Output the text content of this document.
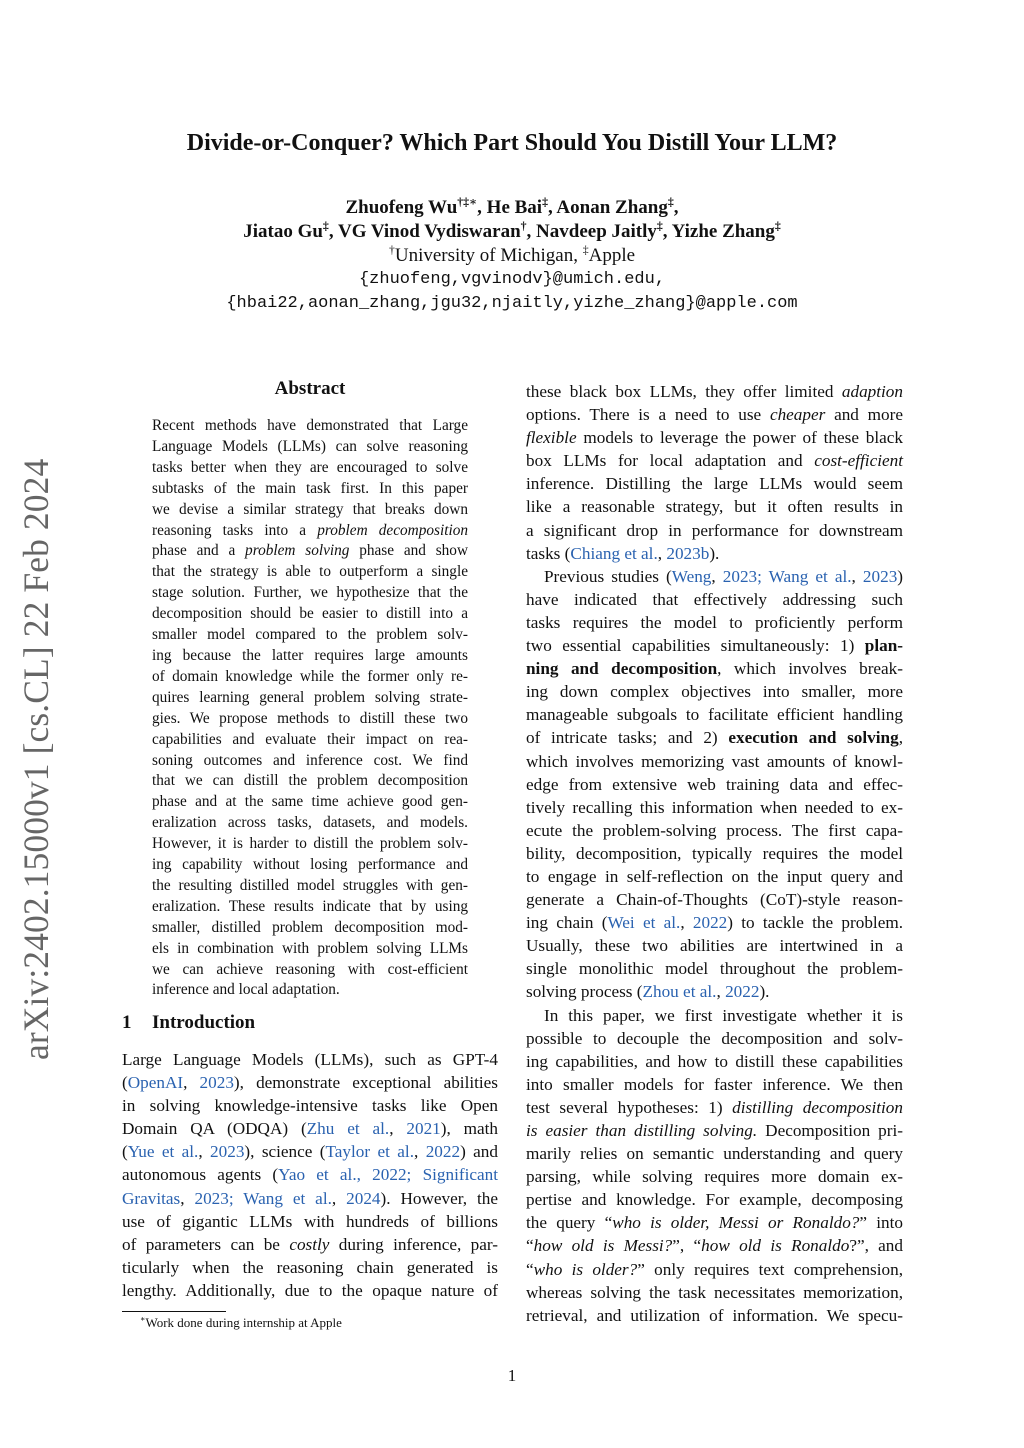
arXiv:2402.15000v1 [cs.CL] 22 Feb 2024
Divide-or-Conquer? Which Part Should You Distill Your LLM?
Zhuofeng Wu†‡∗, He Bai‡, Aonan Zhang‡,
Jiatao Gu‡, VG Vinod Vydiswaran†, Navdeep Jaitly‡, Yizhe Zhang‡
†University of Michigan, ‡Apple
{zhuofeng,vgvinodv}@umich.edu,
{hbai22,aonan_zhang,jgu32,njaitly,yizhe_zhang}@apple.com
Abstract
Recent methods have demonstrated that Large
Language Models (LLMs) can solve reasoning
tasks better when they are encouraged to solve
subtasks of the main task first. In this paper
we devise a similar strategy that breaks down
reasoning tasks into a problem decomposition
phase and a problem solving phase and show
that the strategy is able to outperform a single
stage solution. Further, we hypothesize that the
decomposition should be easier to distill into a
smaller model compared to the problem solv-
ing because the latter requires large amounts
of domain knowledge while the former only re-
quires learning general problem solving strate-
gies. We propose methods to distill these two
capabilities and evaluate their impact on rea-
soning outcomes and inference cost. We find
that we can distill the problem decomposition
phase and at the same time achieve good gen-
eralization across tasks, datasets, and models.
However, it is harder to distill the problem solv-
ing capability without losing performance and
the resulting distilled model struggles with gen-
eralization. These results indicate that by using
smaller, distilled problem decomposition mod-
els in combination with problem solving LLMs
we can achieve reasoning with cost-efficient
inference and local adaptation.
1 Introduction
Large Language Models (LLMs), such as GPT-4
(OpenAI, 2023), demonstrate exceptional abilities
in solving knowledge-intensive tasks like Open
Domain QA (ODQA) (Zhu et al., 2021), math
(Yue et al., 2023), science (Taylor et al., 2022) and
autonomous agents (Yao et al., 2022; Significant
Gravitas, 2023; Wang et al., 2024). However, the
use of gigantic LLMs with hundreds of billions
of parameters can be costly during inference, par-
ticularly when the reasoning chain generated is
lengthy. Additionally, due to the opaque nature of
these black box LLMs, they offer limited adaption
options. There is a need to use cheaper and more
flexible models to leverage the power of these black
box LLMs for local adaptation and cost-efficient
inference. Distilling the large LLMs would seem
like a reasonable strategy, but it often results in
a significant drop in performance for downstream
tasks (Chiang et al., 2023b).
Previous studies (Weng, 2023; Wang et al., 2023)
have indicated that effectively addressing such
tasks requires the model to proficiently perform
two essential capabilities simultaneously: 1) plan-
ning and decomposition, which involves break-
ing down complex objectives into smaller, more
manageable subgoals to facilitate efficient handling
of intricate tasks; and 2) execution and solving,
which involves memorizing vast amounts of knowl-
edge from extensive web training data and effec-
tively recalling this information when needed to ex-
ecute the problem-solving process. The first capa-
bility, decomposition, typically requires the model
to engage in self-reflection on the input query and
generate a Chain-of-Thoughts (CoT)-style reason-
ing chain (Wei et al., 2022) to tackle the problem.
Usually, these two abilities are intertwined in a
single monolithic model throughout the problem-
solving process (Zhou et al., 2022).
In this paper, we first investigate whether it is
possible to decouple the decomposition and solv-
ing capabilities, and how to distill these capabilities
into smaller models for faster inference. We then
test several hypotheses: 1) distilling decomposition
is easier than distilling solving. Decomposition pri-
marily relies on semantic understanding and query
parsing, while solving requires more domain ex-
pertise and knowledge. For example, decomposing
the query “who is older, Messi or Ronaldo?” into
“how old is Messi?”, “how old is Ronaldo?”, and
“who is older?” only requires text comprehension,
whereas solving the task necessitates memorization,
retrieval, and utilization of information. We specu-
∗Work done during internship at Apple
1
